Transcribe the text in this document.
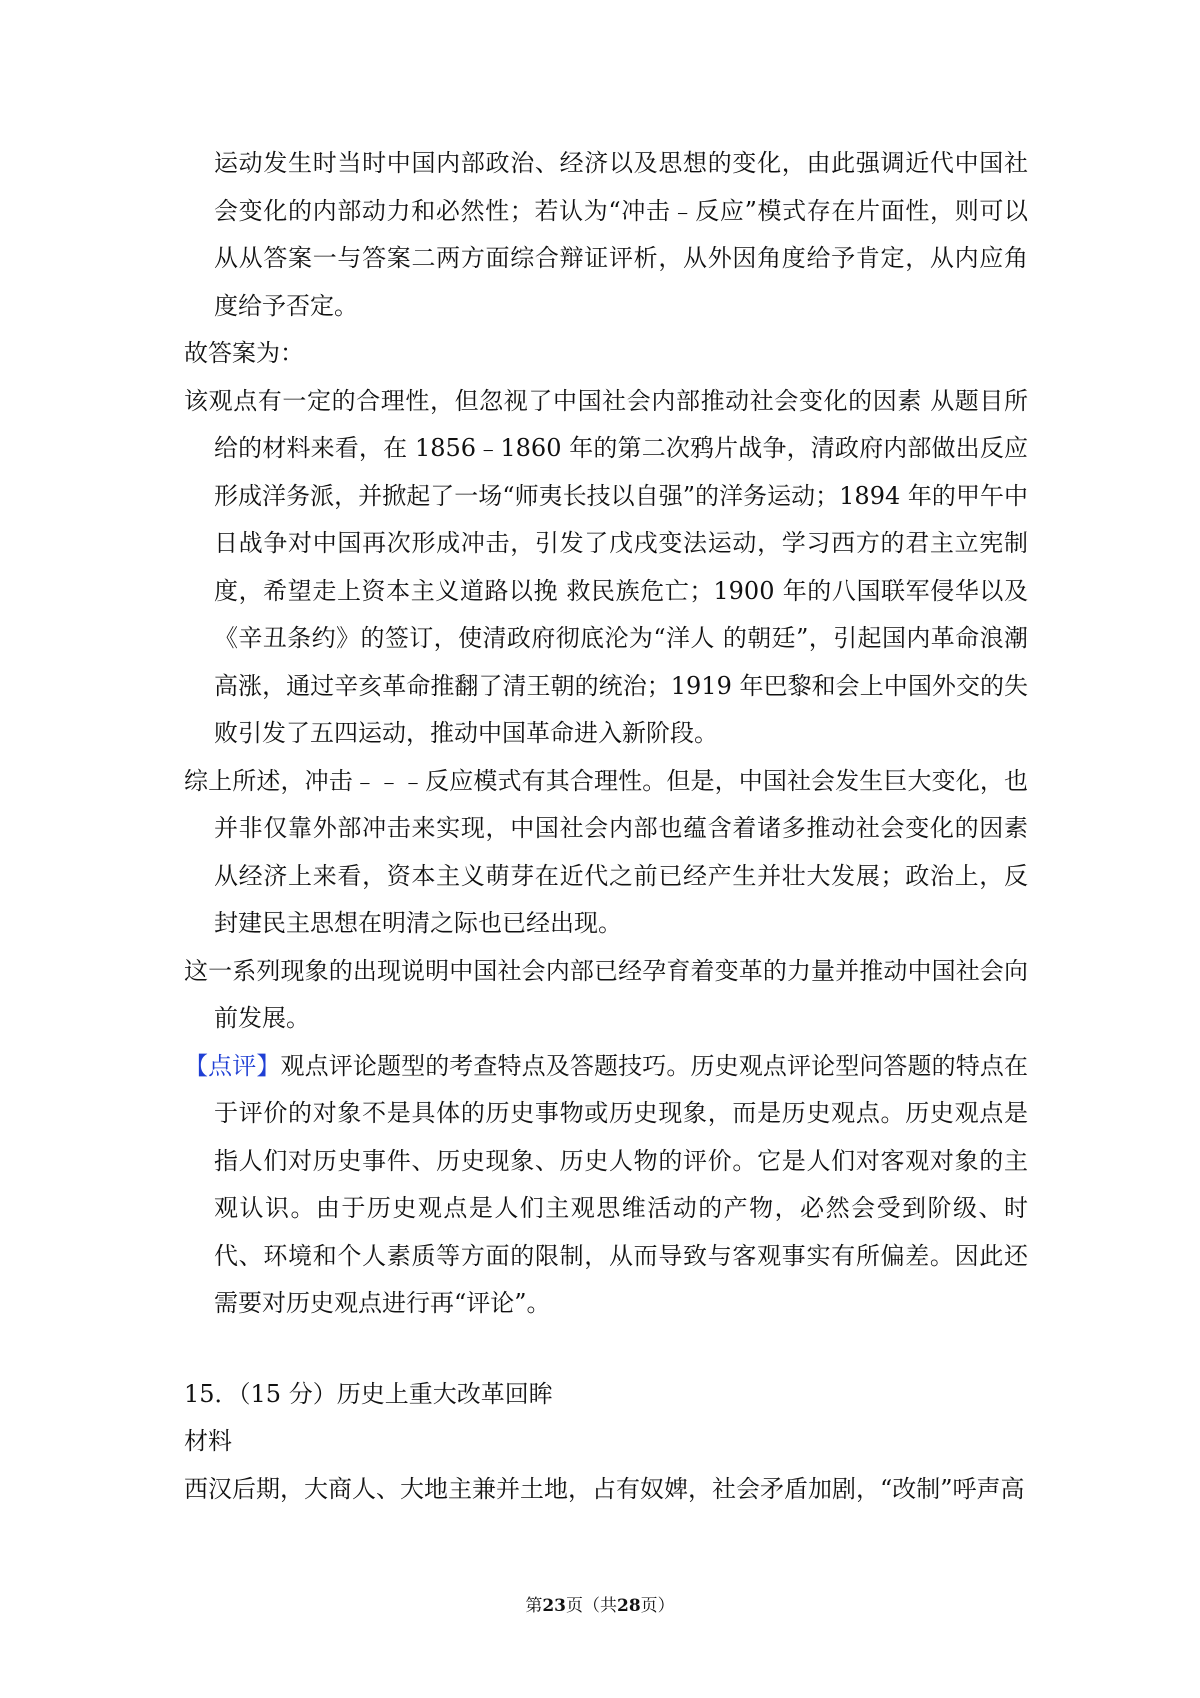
运动发生时当时中国内部政治、经济以及思想的变化，由此强调近代中国社会变化的内部动力和必然性；若认为“冲击﹣反应”模式存在片面性，则可以从从答案一与答案二两方面综合辩证评析，从外因角度给予肯定，从内应角度给予否定。

故答案为：

该观点有一定的合理性，但忽视了中国社会内部推动社会变化的因素 从题目所给的材料来看，在 1856﹣1860 年的第二次鸦片战争，清政府内部做出反应形成洋务派，并掀起了一场“师夷长技以自强”的洋务运动；1894 年的甲午中日战争对中国再次形成冲击，引发了戊戌变法运动，学习西方的君主立宪制度，希望走上资本主义道路以挽 救民族危亡；1900 年的八国联军侵华以及《辛丑条约》的签订，使清政府彻底沦为“洋人 的朝廷”，引起国内革命浪潮高涨，通过辛亥革命推翻了清王朝的统治；1919 年巴黎和会上中国外交的失败引发了五四运动，推动中国革命进入新阶段。

综上所述，冲击﹣﹣﹣反应模式有其合理性。但是，中国社会发生巨大变化，也并非仅靠外部冲击来实现，中国社会内部也蕴含着诸多推动社会变化的因素 从经济上来看，资本主义萌芽在近代之前已经产生并壮大发展；政治上，反封建民主思想在明清之际也已经出现。

这一系列现象的出现说明中国社会内部已经孕育着变革的力量并推动中国社会向前发展。

【点评】观点评论题型的考查特点及答题技巧。历史观点评论型问答题的特点在于评价的对象不是具体的历史事物或历史现象，而是历史观点。历史观点是指人们对历史事件、历史现象、历史人物的评价。它是人们对客观对象的主观认识。由于历史观点是人们主观思维活动的产物，必然会受到阶级、时代、环境和个人素质等方面的限制，从而导致与客观事实有所偏差。因此还需要对历史观点进行再“评论”。

15．（15 分）历史上重大改革回眸

材料

西汉后期，大商人、大地主兼并土地，占有奴婢，社会矛盾加剧，“改制”呼声高

第23页（共28页）
